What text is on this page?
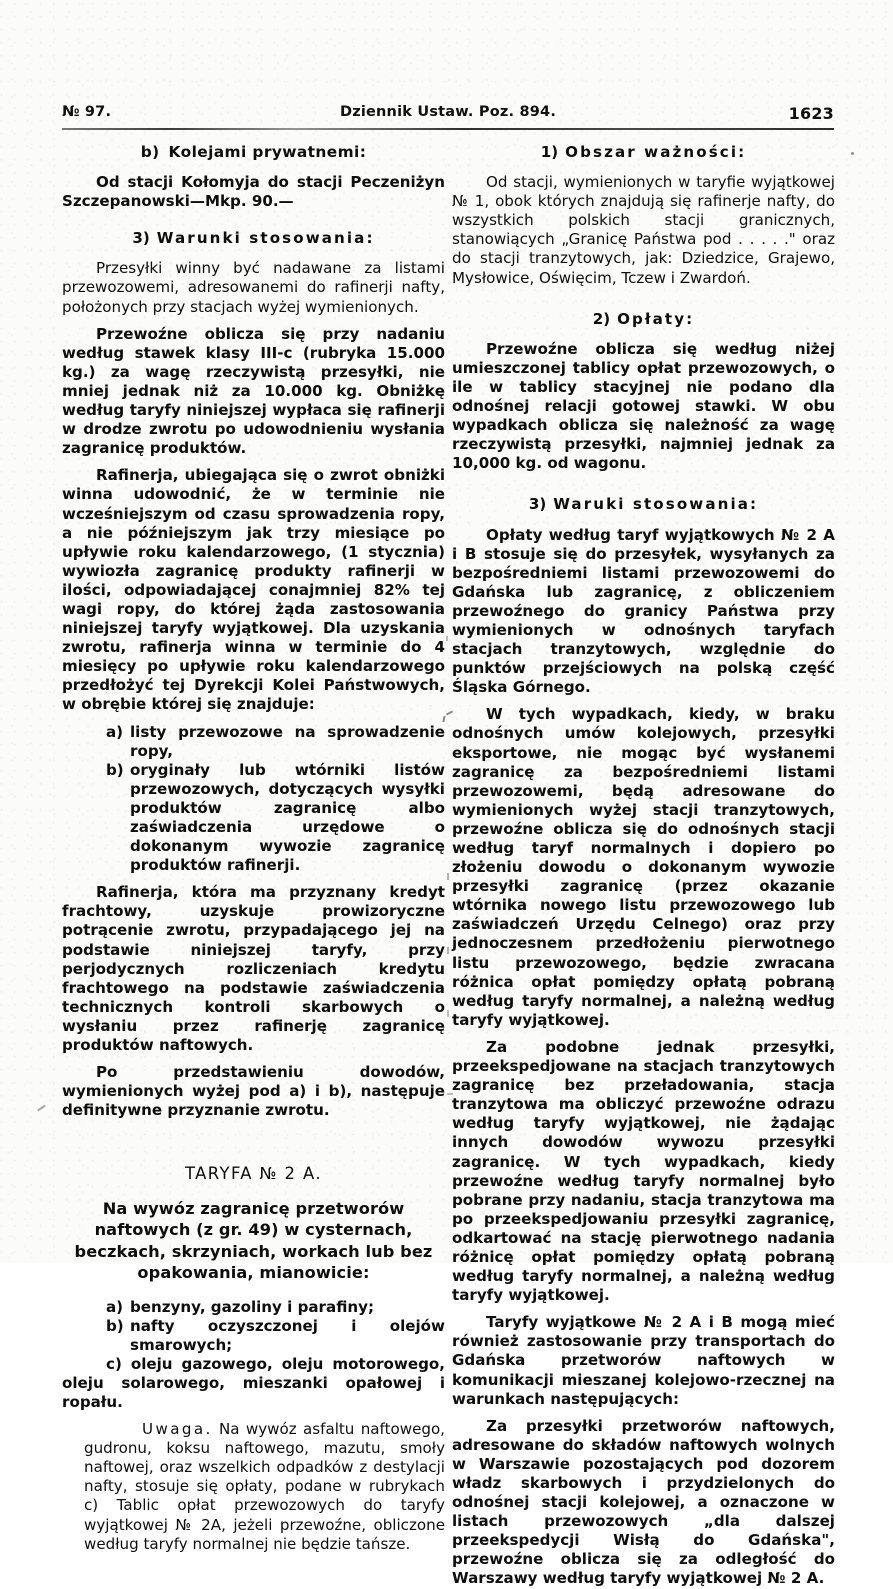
№ 97.	Dziennik Ustaw. Poz. 894.	1623

b) Kolejami prywatnemi:

Od stacji Kołomyja do stacji Peczeniżyn Szczepanowski—Mkp. 90.—

3) Warunki stosowania:

Przesyłki winny być nadawane za listami przewozowemi, adresowanemi do rafinerji nafty, położonych przy stacjach wyżej wymienionych.

Przewoźne oblicza się przy nadaniu według stawek klasy III-c (rubryka 15.000 kg.) za wagę rzeczywistą przesyłki, nie mniej jednak niż za 10.000 kg. Obniżkę według taryfy niniejszej wypłaca się rafinerji w drodze zwrotu po udowodnieniu wysłania zagranicę produktów.

Rafinerja, ubiegająca się o zwrot obniżki winna udowodnić, że w terminie nie wcześniejszym od czasu sprowadzenia ropy, a nie późniejszym jak trzy miesiące po upływie roku kalendarzowego, (1 stycznia) wywiozła zagranicę produkty rafinerji w ilości, odpowiadającej conajmniej 82% tej wagi ropy, do której żąda zastosowania niniejszej taryfy wyjątkowej. Dla uzyskania zwrotu, rafinerja winna w terminie do 4 miesięcy po upływie roku kalendarzowego przedłożyć tej Dyrekcji Kolei Państwowych, w obrębie której się znajduje:

a) listy przewozowe na sprowadzenie ropy,
b) oryginały lub wtórniki listów przewozowych, dotyczących wysyłki produktów zagranicę albo zaświadczenia urzędowe o dokonanym wywozie zagranicę produktów rafinerji.

Rafinerja, która ma przyznany kredyt frachtowy, uzyskuje prowizoryczne potrącenie zwrotu, przypadającego jej na podstawie niniejszej taryfy, przy perjodycznych rozliczeniach kredytu frachtowego na podstawie zaświadczenia technicznych kontroli skarbowych o wysłaniu przez rafinerję zagranicę produktów naftowych.

Po przedstawieniu dowodów, wymienionych wyżej pod a) i b), następuje definitywne przyznanie zwrotu.

TARYFA № 2 A.

Na wywóz zagranicę przetworów naftowych (z gr. 49) w cysternach, beczkach, skrzyniach, workach lub bez opakowania, mianowicie:

a) benzyny, gazoliny i parafiny;
b) nafty oczyszczonej i olejów smarowych;

c) oleju gazowego, oleju motorowego, oleju solarowego, mieszanki opałowej i ropału.

Uwaga. Na wywóz asfaltu naftowego, gudronu, koksu naftowego, mazutu, smoły naftowej, oraz wszelkich odpadków z destylacji nafty, stosuje się opłaty, podane w rubrykach c) Tablic opłat przewozowych do taryfy wyjątkowej № 2A, jeżeli przewoźne, obliczone według taryfy normalnej nie będzie tańsze.

1) Obszar ważności:

Od stacji, wymienionych w taryfie wyjątkowej № 1, obok których znajdują się rafinerje nafty, do wszystkich polskich stacji granicznych, stanowiących „Granicę Państwa pod . . . . ." oraz do stacji tranzytowych, jak: Dziedzice, Grajewo, Mysłowice, Oświęcim, Tczew i Zwardoń.

2) Opłaty:

Przewoźne oblicza się według niżej umieszczonej tablicy opłat przewozowych, o ile w tablicy stacyjnej nie podano dla odnośnej relacji gotowej stawki. W obu wypadkach oblicza się należność za wagę rzeczywistą przesyłki, najmniej jednak za 10,000 kg. od wagonu.

3) Waruki stosowania:

Opłaty według taryf wyjątkowych № 2 A i B stosuje się do przesyłek, wysyłanych za bezpośredniemi listami przewozowemi do Gdańska lub zagranicę, z obliczeniem przewoźnego do granicy Państwa przy wymienionych w odnośnych taryfach stacjach tranzytowych, względnie do punktów przejściowych na polską część Śląska Górnego.

W tych wypadkach, kiedy, w braku odnośnych umów kolejowych, przesyłki eksportowe, nie mogąc być wysłanemi zagranicę za bezpośredniemi listami przewozowemi, będą adresowane do wymienionych wyżej stacji tranzytowych, przewoźne oblicza się do odnośnych stacji według taryf normalnych i dopiero po złożeniu dowodu o dokonanym wywozie przesyłki zagranicę (przez okazanie wtórnika nowego listu przewozowego lub zaświadczeń Urzędu Celnego) oraz przy jednoczesnem przedłożeniu pierwotnego listu przewozowego, będzie zwracana różnica opłat pomiędzy opłatą pobraną według taryfy normalnej, a należną według taryfy wyjątkowej.

Za podobne jednak przesyłki, przeekspedjowane na stacjach tranzytowych zagranicę bez przeładowania, stacja tranzytowa ma obliczyć przewoźne odrazu według taryfy wyjątkowej, nie żądając innych dowodów wywozu przesyłki zagranicę. W tych wypadkach, kiedy przewoźne według taryfy normalnej było pobrane przy nadaniu, stacja tranzytowa ma po przeekspedjowaniu przesyłki zagranicę, odkartować na stację pierwotnego nadania różnicę opłat pomiędzy opłatą pobraną według taryfy normalnej, a należną według taryfy wyjątkowej.

Taryfy wyjątkowe № 2 A i B mogą mieć również zastosowanie przy transportach do Gdańska przetworów naftowych w komunikacji mieszanej kolejowo-rzecznej na warunkach następujących:

Za przesyłki przetworów naftowych, adresowane do składów naftowych wolnych w Warszawie pozostających pod dozorem władz skarbowych i przydzielonych do odnośnej stacji kolejowej, a oznaczone w listach przewozowych „dla dalszej przeekspedycji Wisłą do Gdańska", przewoźne oblicza się za odległość do Warszawy według taryfy wyjątkowej № 2 A.
